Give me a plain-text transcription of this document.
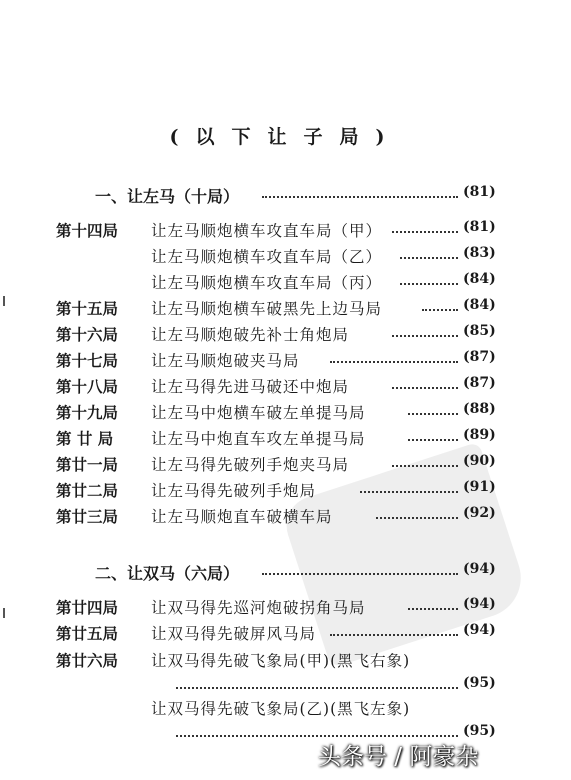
(以下让子局)
一、让左马（十局）	(81)
第十四局 让左马顺炮横车攻直车局（甲）	(81)
让左马顺炮横车攻直车局（乙）	(83)
让左马顺炮横车攻直车局（丙）	(84)
第十五局 让左马顺炮横车破黑先上边马局	(84)
第十六局 让左马顺炮破先补士角炮局	(85)
第十七局 让左马顺炮破夹马局	(87)
第十八局 让左马得先进马破还中炮局	(87)
第十九局 让左马中炮横车破左单提马局	(88)
第 廿 局 让左马中炮直车攻左单提马局	(89)
第廿一局 让左马得先破列手炮夹马局	(90)
第廿二局 让左马得先破列手炮局	(91)
第廿三局 让左马顺炮直车破横车局	(92)
二、让双马（六局）	(94)
第廿四局 让双马得先巡河炮破拐角马局	(94)
第廿五局 让双马得先破屏风马局	(94)
第廿六局 让双马得先破飞象局(甲)(黑飞右象)
(95)
让双马得先破飞象局(乙)(黑飞左象)
(95)
头条号 / 阿豪杂
